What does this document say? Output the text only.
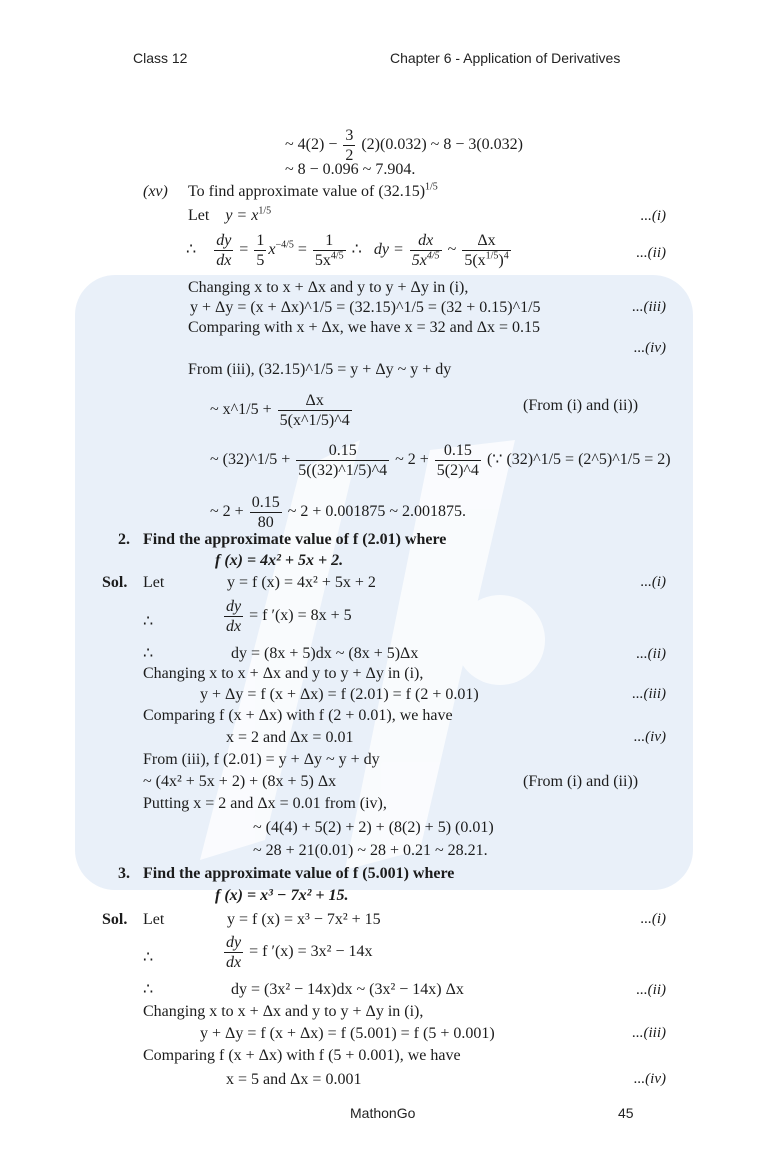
Class 12	Chapter 6 - Application of Derivatives
~ $4(2) - \frac{3}{2} (2)(0.032)$ ~ 8 − 3(0.032)
~ 8 − 0.096 ~ 7.904.
(xv) To find approximate value of $(32.15)^{1/5}$
Let $y = x^{1/5}$	...(i)
∴ $\frac{dy}{dx} = \frac{1}{5} x^{-4/5} = \frac{1}{5x^{4/5}}$ ∴ dy = $\frac{dx}{5x^{4/5}}$ ~ $\frac{\Delta x}{5(x^{1/5})^4}$	...(ii)
Changing x to x + Δx and y to y + Δy in (i),
y + Δy = (x + Δx)^1/5 = (32.15)^1/5 = (32 + 0.15)^1/5	...(iii)
Comparing with x + Δx, we have x = 32 and Δx = 0.15
...(iv)
From (iii), (32.15)^1/5 = y + Δy ~ y + dy
~ x^1/5 + $\frac{\Delta x}{5(x\^{}1/5)\^{}4}$	(From (i) and (ii))
~ (32)^1/5 + $\frac{0.15}{5((32)\^{}1/5)\^{}4}$ ~ $2 + \frac{0.15}{5(2)\^{}4}$ (∵ (32)^1/5 = (2^5)^1/5 = 2)
~ $2 + \frac{0.15}{80}$ ~ 2 + 0.001875 ~ 2.001875.
2. Find the approximate value of f (2.01) where
f (x) = 4x² + 5x + 2.
Sol. Let	y = f (x) = 4x² + 5x + 2	...(i)
∴	$\frac{dy}{dx} = f$ ′(x) = 8x + 5
∴	dy = (8x + 5)dx ~ (8x + 5)Δx	...(ii)
Changing x to x + Δx and y to y + Δy in (i),
y + Δy = f (x + Δx) = f (2.01) = f (2 + 0.01)	...(iii)
Comparing f (x + Δx) with f (2 + 0.01), we have
x = 2 and Δx = 0.01	...(iv)
From (iii), f (2.01) = y + Δy ~ y + dy
~ (4x² + 5x + 2) + (8x + 5) Δx	(From (i) and (ii))
Putting x = 2 and Δx = 0.01 from (iv),
~ (4(4) + 5(2) + 2) + (8(2) + 5) (0.01)
~ 28 + 21(0.01) ~ 28 + 0.21 ~ 28.21.
3. Find the approximate value of f (5.001) where
f (x) = x³ − 7x² + 15.
Sol. Let	y = f (x) = x³ − 7x² + 15	...(i)
∴	$\frac{dy}{dx} = f$ ′(x) = 3x² − 14x
∴	dy = (3x² − 14x)dx ~ (3x² − 14x) Δx	...(ii)
Changing x to x + Δx and y to y + Δy in (i),
y + Δy = f (x + Δx) = f (5.001) = f (5 + 0.001)	...(iii)
Comparing f (x + Δx) with f (5 + 0.001), we have
x = 5 and Δx = 0.001	...(iv)
MathonGo	45
